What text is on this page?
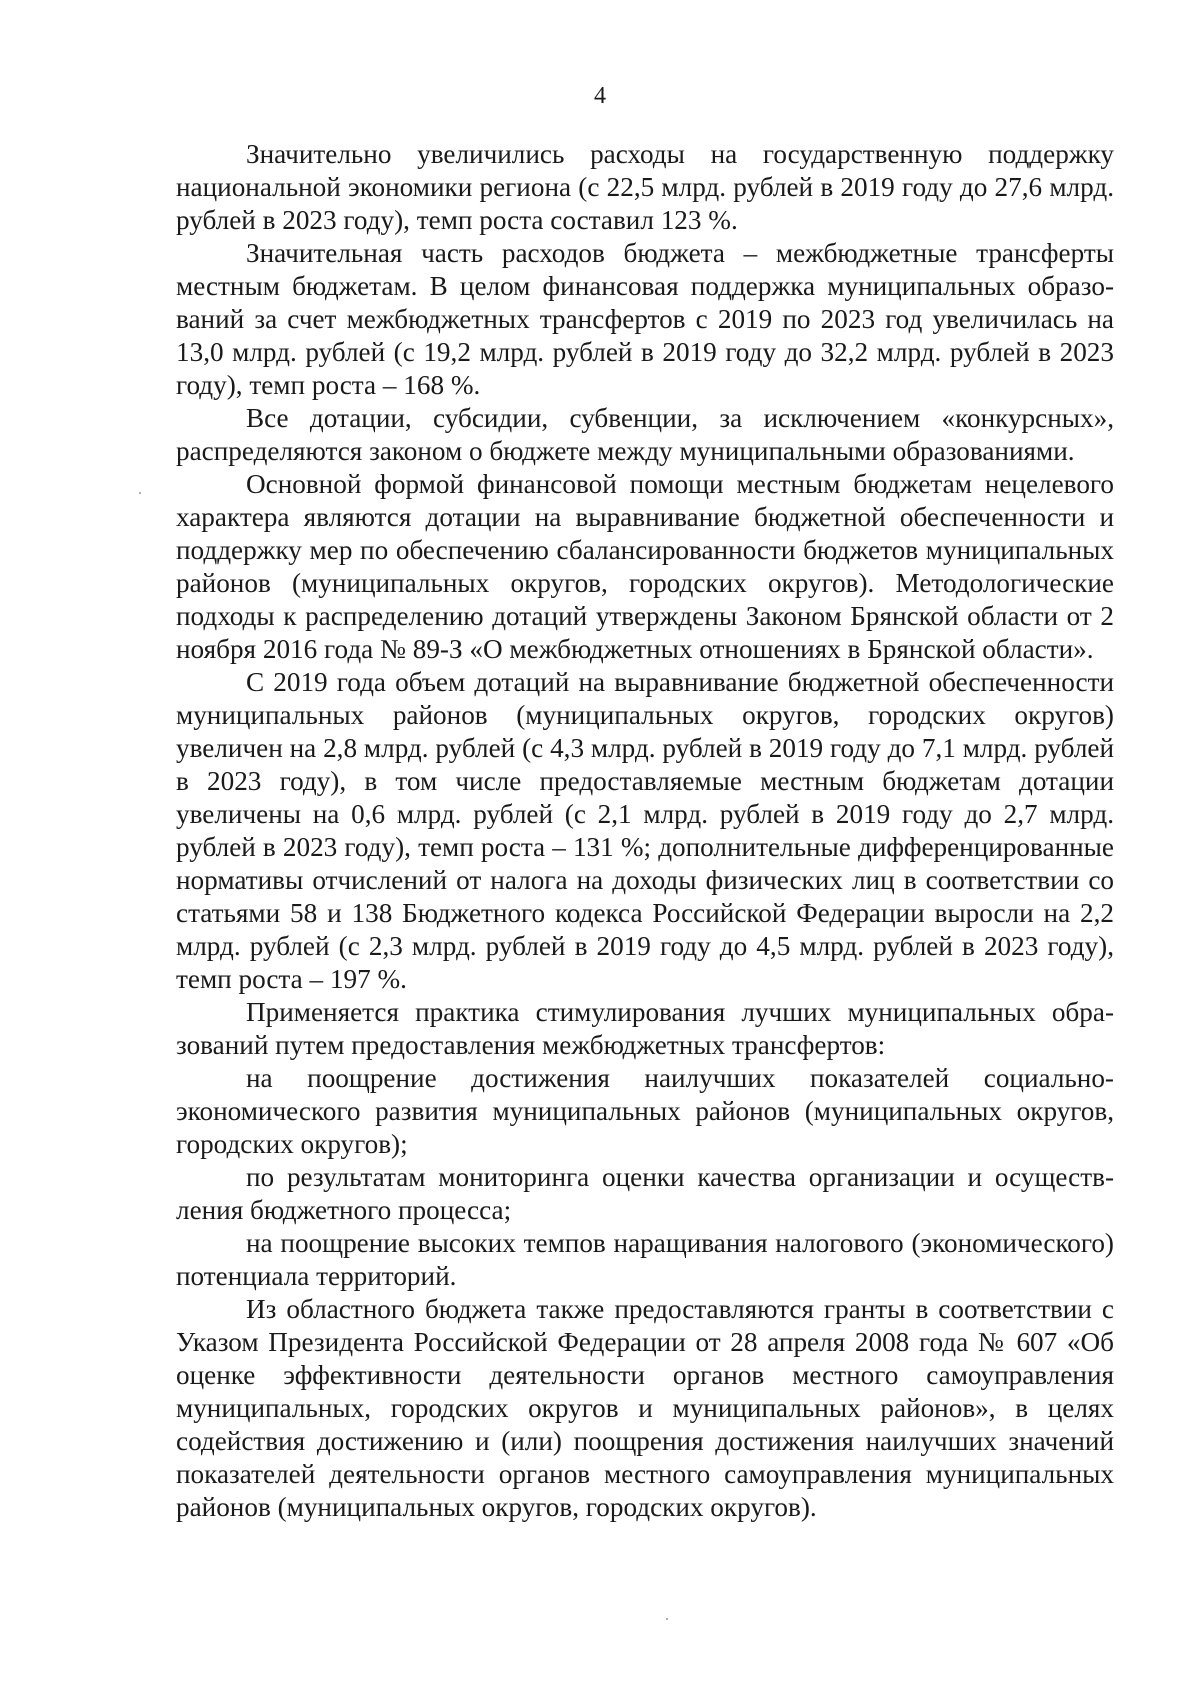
4

Значительно увеличились расходы на государственную поддержку национальной экономики региона (с 22,5 млрд. рублей в 2019 году до 27,6 млрд. рублей в 2023 году), темп роста составил 123 %.

Значительная часть расходов бюджета – межбюджетные трансферты местным бюджетам. В целом финансовая поддержка муниципальных образований за счет межбюджетных трансфертов с 2019 по 2023 год увеличилась на 13,0 млрд. рублей (с 19,2 млрд. рублей в 2019 году до 32,2 млрд. рублей в 2023 году), темп роста – 168 %.

Все дотации, субсидии, субвенции, за исключением «конкурсных», распределяются законом о бюджете между муниципальными образованиями.

Основной формой финансовой помощи местным бюджетам нецелевого характера являются дотации на выравнивание бюджетной обеспеченности и поддержку мер по обеспечению сбалансированности бюджетов муниципальных районов (муниципальных округов, городских округов). Методологические подходы к распределению дотаций утверждены Законом Брянской области от 2 ноября 2016 года № 89-З «О межбюджетных отношениях в Брянской области».

С 2019 года объем дотаций на выравнивание бюджетной обеспеченности муниципальных районов (муниципальных округов, городских округов) увеличен на 2,8 млрд. рублей (с 4,3 млрд. рублей в 2019 году до 7,1 млрд. рублей в 2023 году), в том числе предоставляемые местным бюджетам дотации увеличены на 0,6 млрд. рублей (с 2,1 млрд. рублей в 2019 году до 2,7 млрд. рублей в 2023 году), темп роста – 131 %; дополнительные дифференцированные нормативы отчислений от налога на доходы физических лиц в соответствии со статьями 58 и 138 Бюджетного кодекса Российской Федерации выросли на 2,2 млрд. рублей (с 2,3 млрд. рублей в 2019 году до 4,5 млрд. рублей в 2023 году), темп роста – 197 %.

Применяется практика стимулирования лучших муниципальных образований путем предоставления межбюджетных трансфертов:

на поощрение достижения наилучших показателей социально-экономического развития муниципальных районов (муниципальных округов, городских округов);

по результатам мониторинга оценки качества организации и осуществления бюджетного процесса;

на поощрение высоких темпов наращивания налогового (экономического) потенциала территорий.

Из областного бюджета также предоставляются гранты в соответствии с Указом Президента Российской Федерации от 28 апреля 2008 года № 607 «Об оценке эффективности деятельности органов местного самоуправления муниципальных, городских округов и муниципальных районов», в целях содействия достижению и (или) поощрения достижения наилучших значений показателей деятельности органов местного самоуправления муниципальных районов (муниципальных округов, городских округов).
